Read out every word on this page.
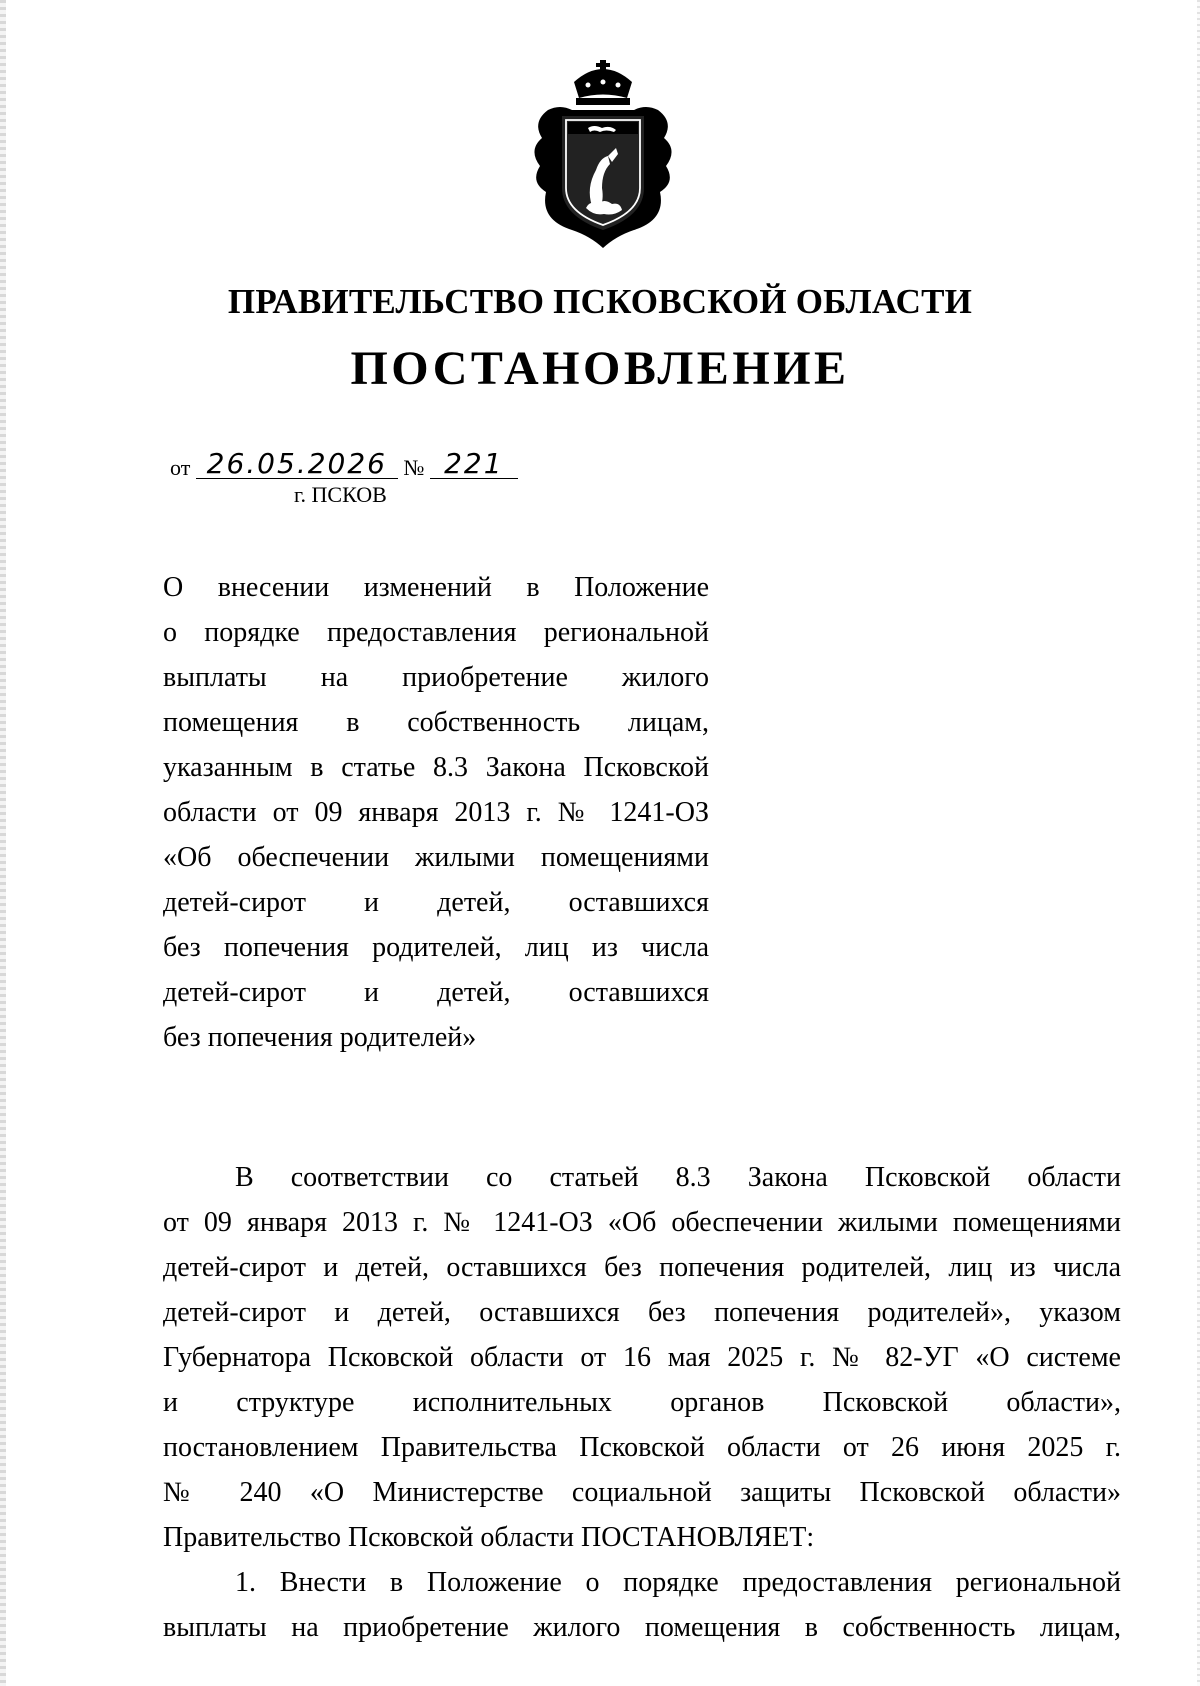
ПРАВИТЕЛЬСТВО ПСКОВСКОЙ ОБЛАСТИ
ПОСТАНОВЛЕНИЕ
от 26.05.2026 № 221
г. ПСКОВ

О внесении изменений в Положение

о порядке предоставления региональной

выплаты на приобретение жилого

помещения в собственность лицам,

указанным в статье 8.3 Закона Псковской

области от 09 января 2013 г. № 1241-ОЗ

«Об обеспечении жилыми помещениями

детей-сирот и детей, оставшихся

без попечения родителей, лиц из числа

детей-сирот и детей, оставшихся

без попечения родителей»

В соответствии со статьей 8.3 Закона Псковской области
от 09 января 2013 г. № 1241-ОЗ «Об обеспечении жилыми помещениями
детей-сирот и детей, оставшихся без попечения родителей, лиц из числа
детей-сирот и детей, оставшихся без попечения родителей», указом
Губернатора Псковской области от 16 мая 2025 г. № 82-УГ «О системе
и структуре исполнительных органов Псковской области»,
постановлением Правительства Псковской области от 26 июня 2025 г.
№ 240 «О Министерстве социальной защиты Псковской области»
Правительство Псковской области ПОСТАНОВЛЯЕТ:

1. Внести в Положение о порядке предоставления региональной
выплаты на приобретение жилого помещения в собственность лицам,
